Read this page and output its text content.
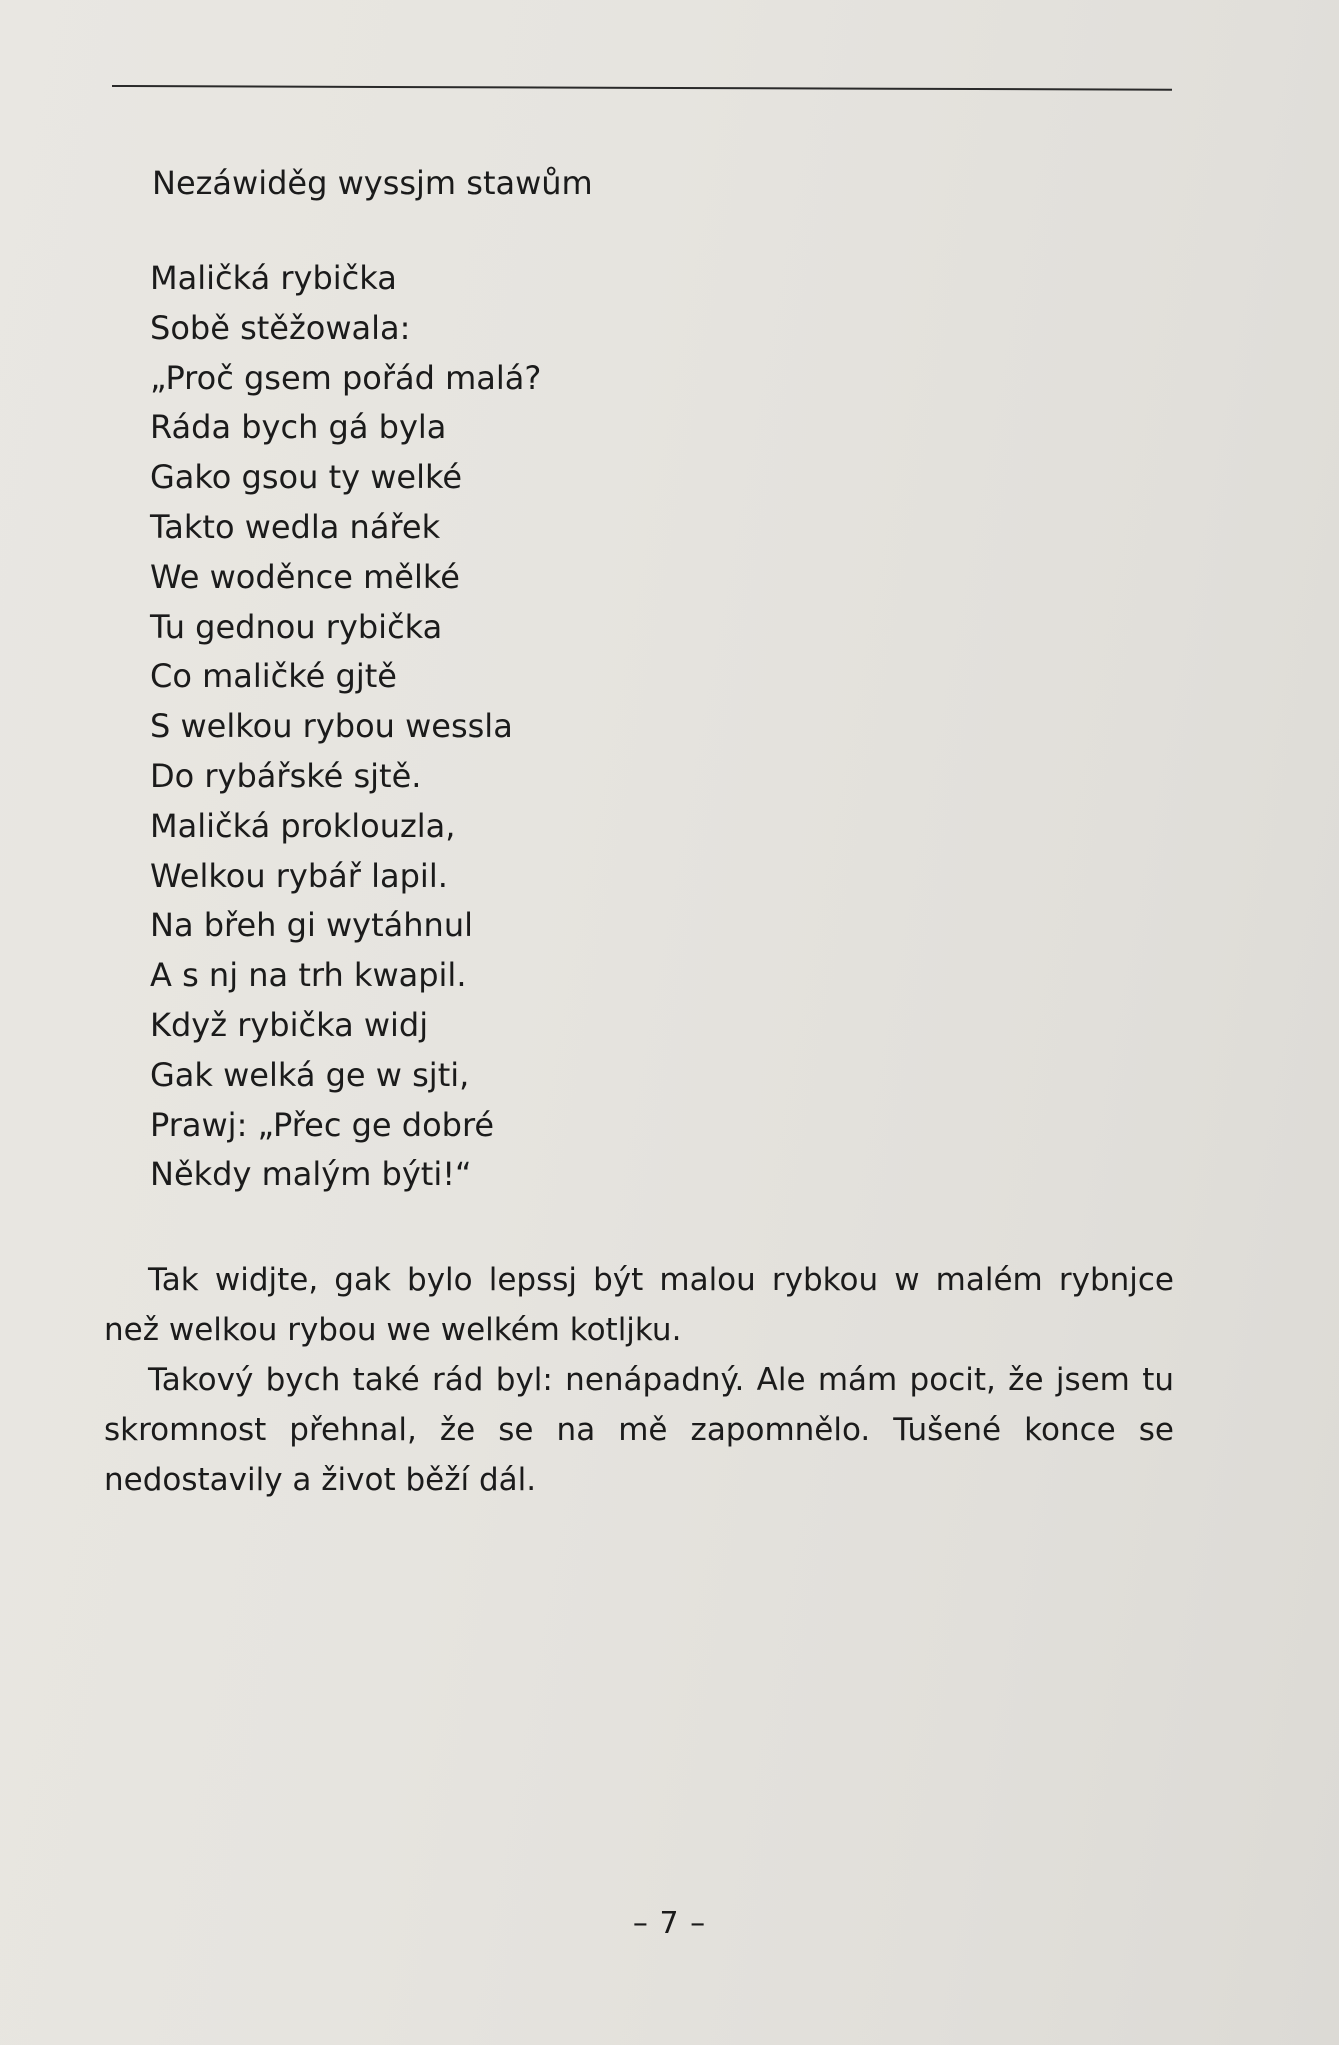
Nezáwiděg wyssjm stawům
Maličká rybička
Sobě stěžowala:
„Proč gsem pořád malá?
Ráda bych gá byla
Gako gsou ty welké
Takto wedla nářek
We woděnce mělké
Tu gednou rybička
Co maličké gjtě
S welkou rybou wessla
Do rybářské sjtě.
Maličká proklouzla,
Welkou rybář lapil.
Na břeh gi wytáhnul
A s nj na trh kwapil.
Když rybička widj
Gak welká ge w sjti,
Prawj: „Přec ge dobré
Někdy malým býti!“

Tak widjte, gak bylo lepssj být malou rybkou w malém rybnjce než welkou rybou we welkém kotljku.

Takový bych také rád byl: nenápadný. Ale mám pocit, že jsem tu skromnost přehnal, že se na mě zapomnělo. Tušené konce se nedostavily a život běží dál.

– 7 –
